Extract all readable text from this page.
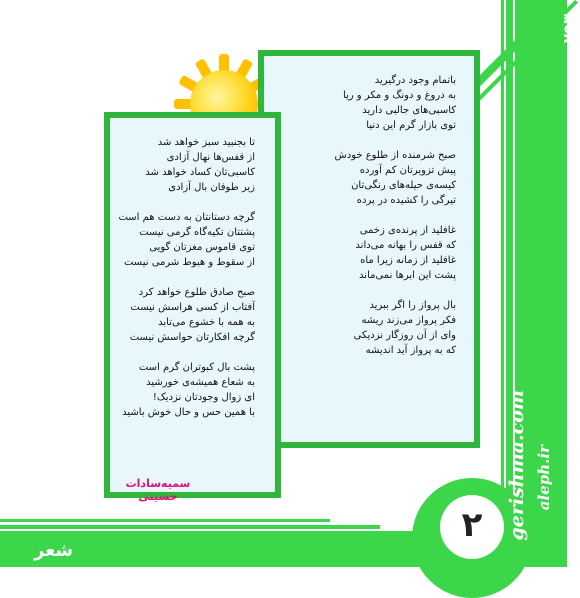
۲	gerishma.com aleph.ir
۷۹۳
شعر
باتمام وجود درگیرید
به دروغ و دونگ و مکر و ریا
کاسبی‌های جالبی دارید
توی بازار گرم این دنیا
صبح شرمنده از طلوع خودش
پیش تزویرتان کم آورده
کیسه‌ی حیله‌های رنگی‌تان
تیرگی را کشیده در پرده
غافلید از پرنده‌ی زخمی
که قفس را بهانه می‌داند
غافلید از زمانه زیرا ماه
پشت این ابرها نمی‌ماند
بال پرواز را اگر ببرید
فکر پرواز می‌زند ریشه
وای از آن روزگار نزدیکی
که به پرواز آید اندیشه
تا بجنبید سبز خواهد شد
از قفس‌ها نهال آزادی
کاسبی‌تان کساد خواهد شد
زیر طوفان بال آزادی
گرچه دستانتان به دست هم است
پشتتان تکیه‌گاه گرمی نیست
توی قاموس مغزتان گویی
از سقوط و هبوط شرمی نیست
صبح صادق طلوع خواهد کرد
آفتاب از کسی هراسش نیست
به همه با خشوع می‌تابد
گرچه افکارتان حواسش نیست
پشت بال کبوتران گرم است
به شعاع همیشه‌ی خورشید
ای زوال وجودتان نزدیک!
با همین حس و حال خوش باشید
سمیه‌سادات حسینی
